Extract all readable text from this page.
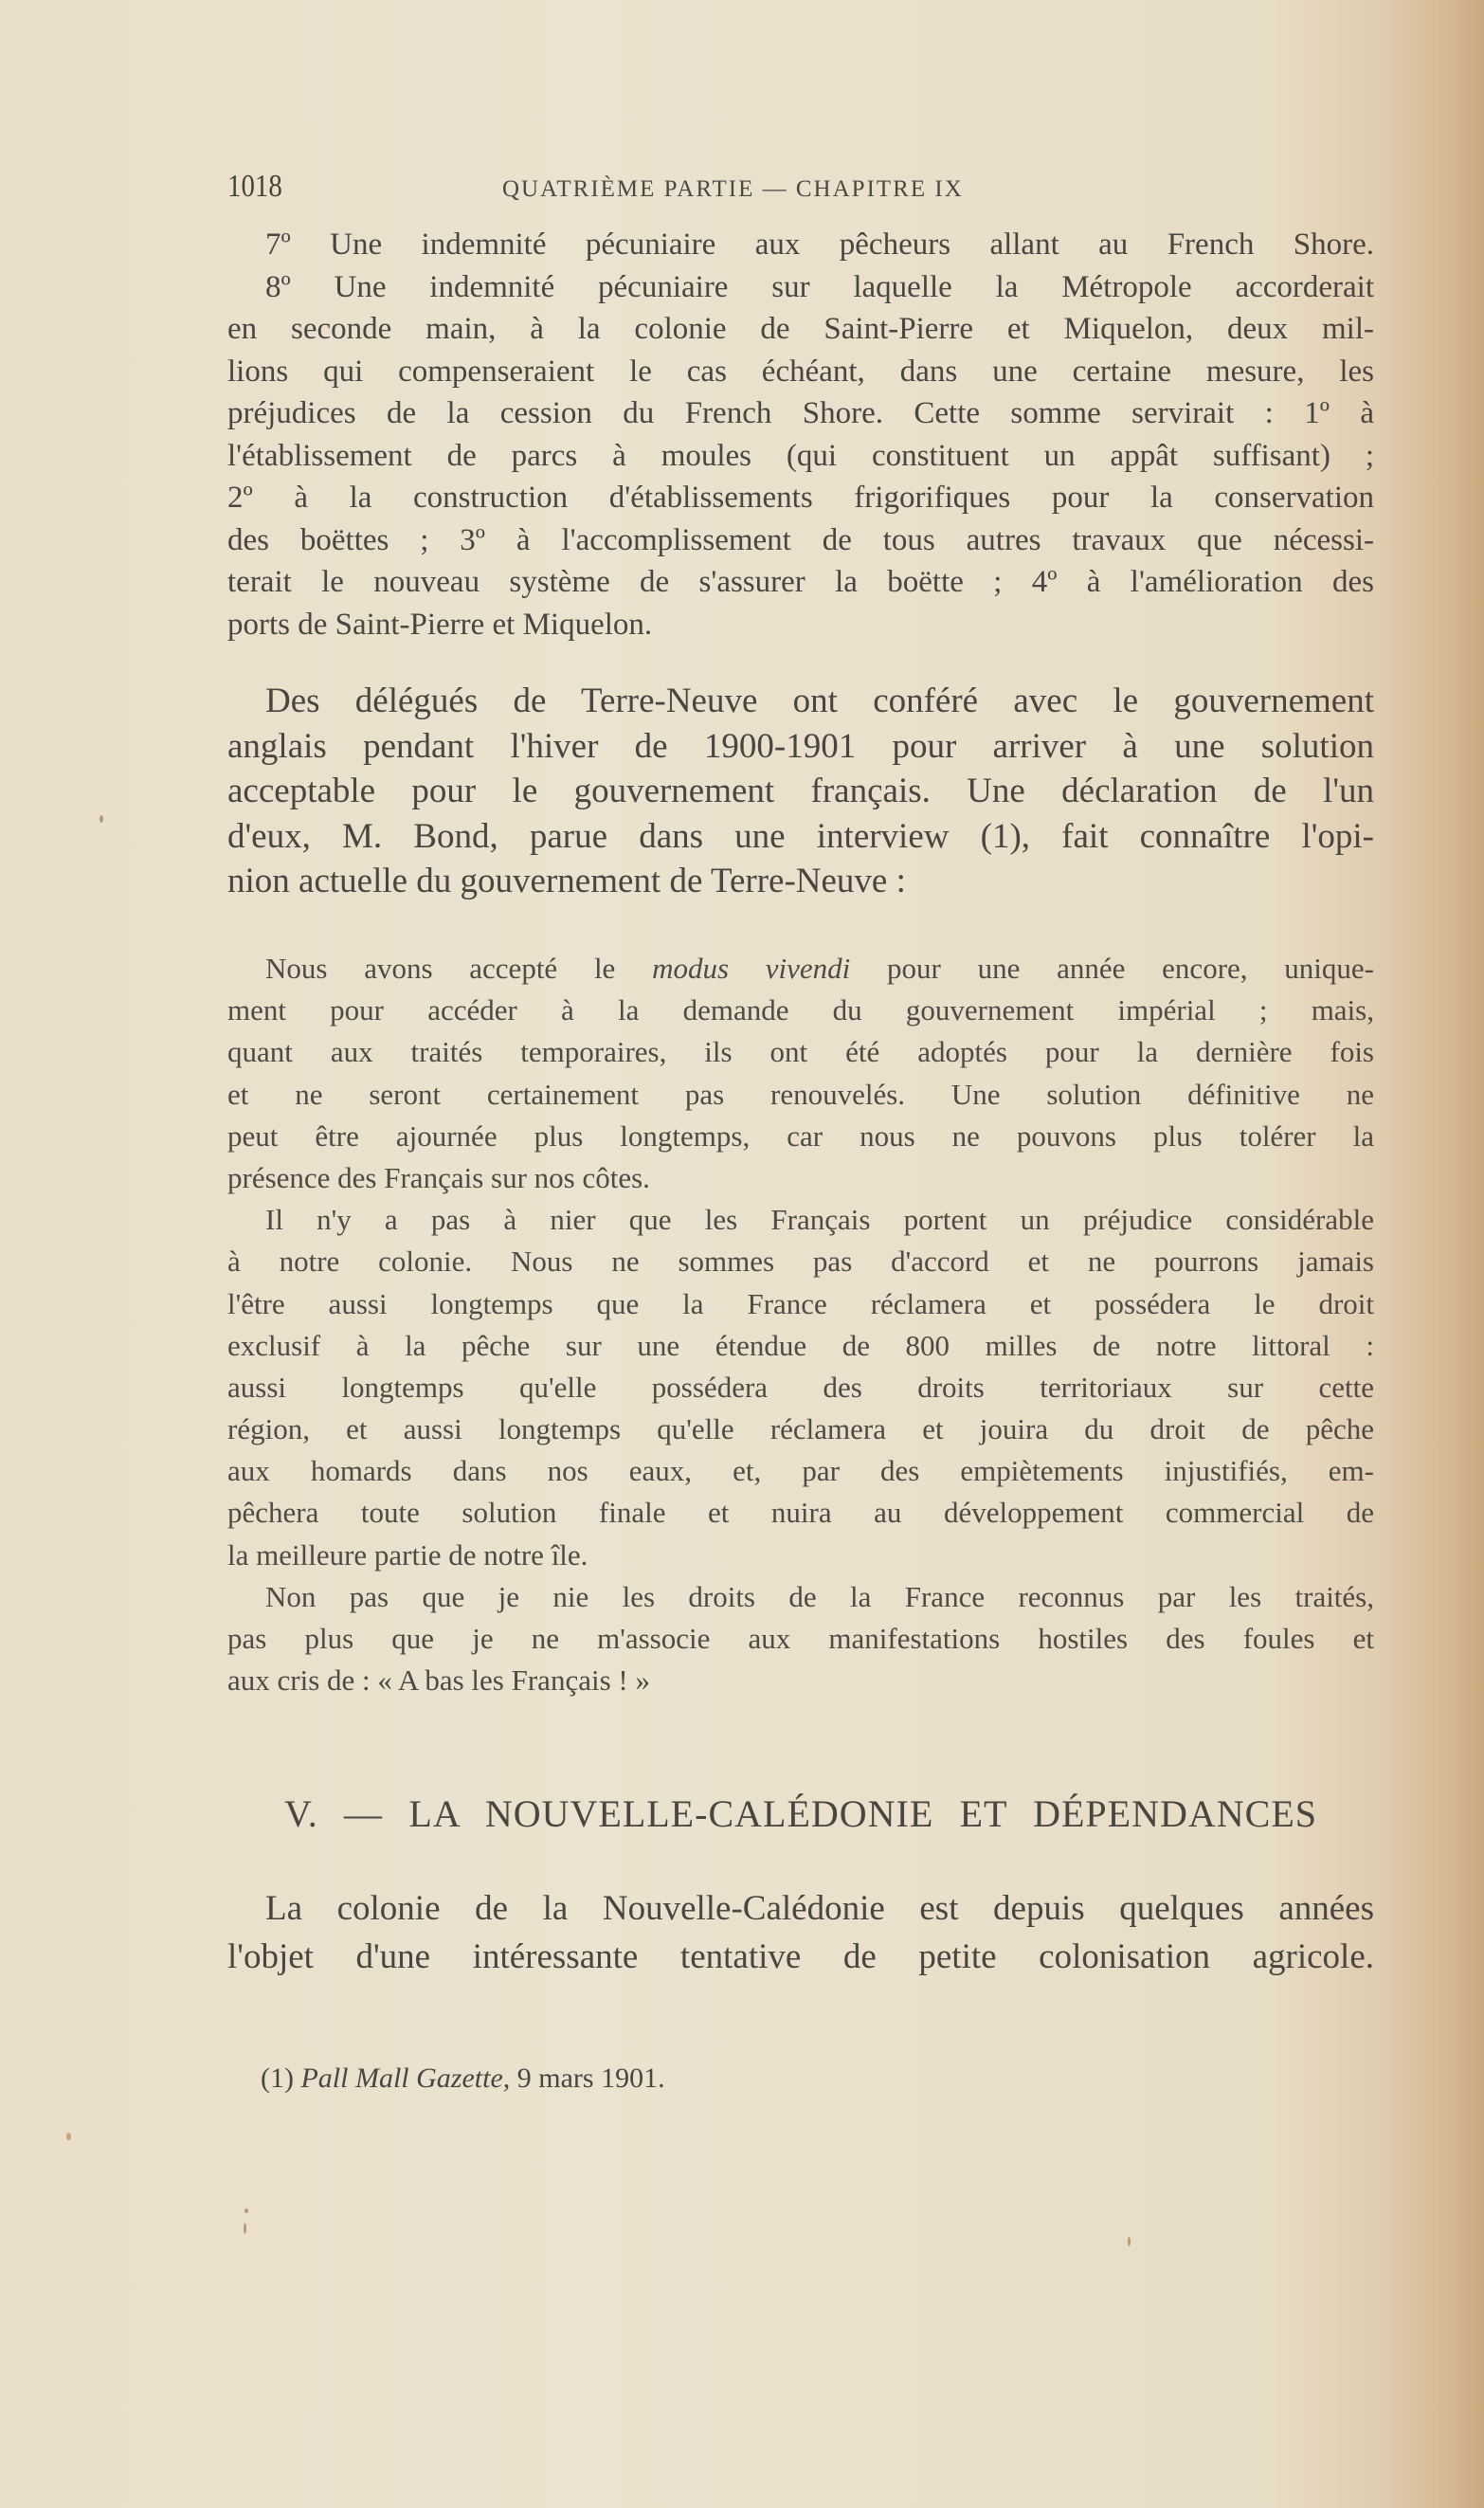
1018	QUATRIÈME PARTIE — CHAPITRE IX
7º Une indemnité pécuniaire aux pêcheurs allant au French Shore.
8º Une indemnité pécuniaire sur laquelle la Métropole accorderait
en seconde main, à la colonie de Saint-Pierre et Miquelon, deux mil-
lions qui compenseraient le cas échéant, dans une certaine mesure, les
préjudices de la cession du French Shore. Cette somme servirait : 1º à
l'établissement de parcs à moules (qui constituent un appât suffisant) ;
2º à la construction d'établissements frigorifiques pour la conservation
des boëttes ; 3º à l'accomplissement de tous autres travaux que nécessi-
terait le nouveau système de s'assurer la boëtte ; 4º à l'amélioration des
ports de Saint-Pierre et Miquelon.
Des délégués de Terre-Neuve ont conféré avec le gouvernement
anglais pendant l'hiver de 1900-1901 pour arriver à une solution
acceptable pour le gouvernement français. Une déclaration de l'un
d'eux, M. Bond, parue dans une interview (1), fait connaître l'opi-
nion actuelle du gouvernement de Terre-Neuve :
Nous avons accepté le modus vivendi pour une année encore, unique-
ment pour accéder à la demande du gouvernement impérial ; mais,
quant aux traités temporaires, ils ont été adoptés pour la dernière fois
et ne seront certainement pas renouvelés. Une solution définitive ne
peut être ajournée plus longtemps, car nous ne pouvons plus tolérer la
présence des Français sur nos côtes.
Il n'y a pas à nier que les Français portent un préjudice considérable
à notre colonie. Nous ne sommes pas d'accord et ne pourrons jamais
l'être aussi longtemps que la France réclamera et possédera le droit
exclusif à la pêche sur une étendue de 800 milles de notre littoral :
aussi longtemps qu'elle possédera des droits territoriaux sur cette
région, et aussi longtemps qu'elle réclamera et jouira du droit de pêche
aux homards dans nos eaux, et, par des empiètements injustifiés, em-
pêchera toute solution finale et nuira au développement commercial de
la meilleure partie de notre île.
Non pas que je nie les droits de la France reconnus par les traités,
pas plus que je ne m'associe aux manifestations hostiles des foules et
aux cris de : « A bas les Français ! »
V. — LA NOUVELLE-CALÉDONIE ET DÉPENDANCES
La colonie de la Nouvelle-Calédonie est depuis quelques années
l'objet d'une intéressante tentative de petite colonisation agricole.
(1) Pall Mall Gazette, 9 mars 1901.
